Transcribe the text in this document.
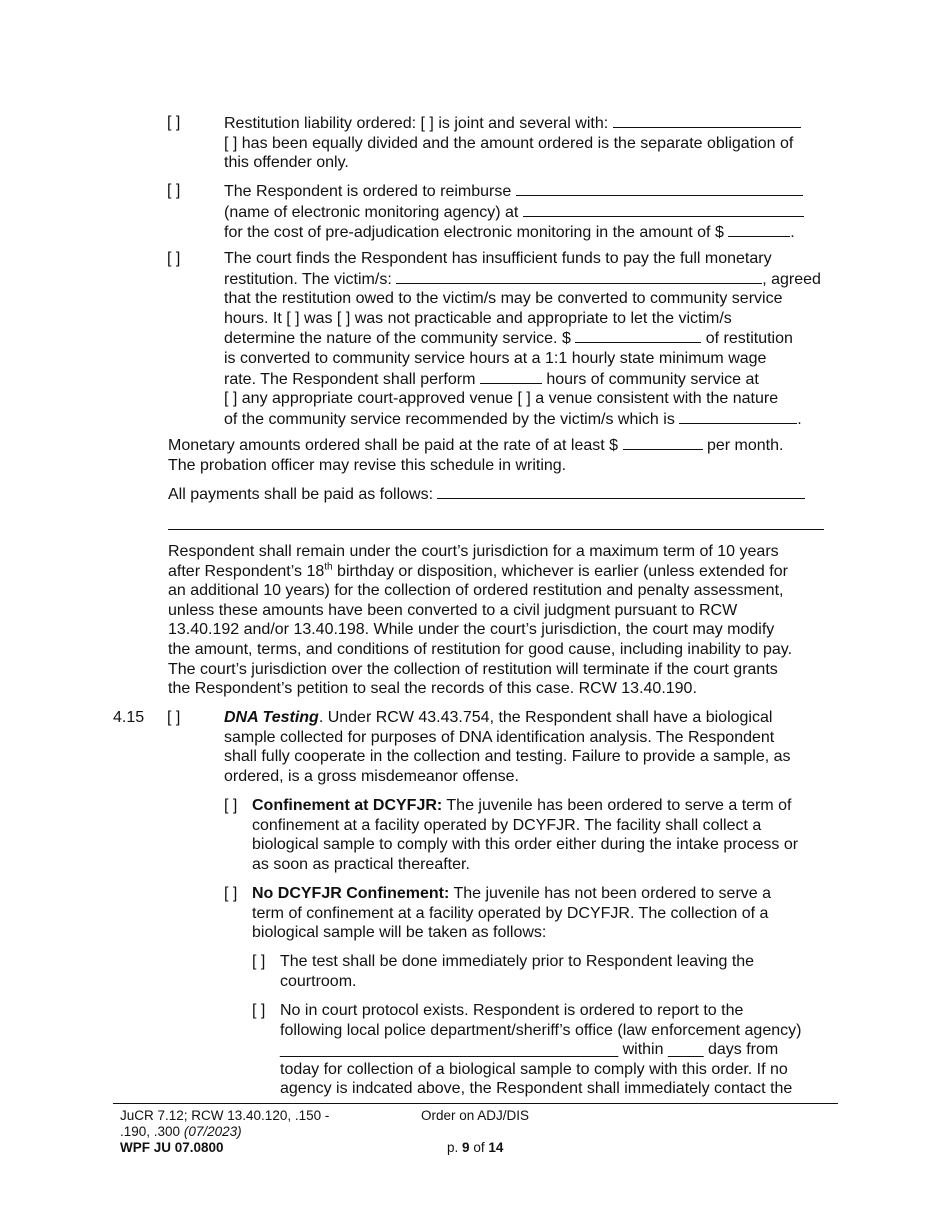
[ ]	Restitution liability ordered: [ ] is joint and several with:

[ ] has been equally divided and the amount ordered is the separate obligation of

this offender only.

[ ]	The Respondent is ordered to reimburse

(name of electronic monitoring agency) at

for the cost of pre-adjudication electronic monitoring in the amount of $	.

[ ]	The court finds the Respondent has insufficient funds to pay the full monetary

restitution. The victim/s:	, agreed

that the restitution owed to the victim/s may be converted to community service

hours. It [ ] was [ ] was not practicable and appropriate to let the victim/s

determine the nature of the community service. $	of restitution

is converted to community service hours at a 1:1 hourly state minimum wage

rate. The Respondent shall perform	hours of community service at

[ ] any appropriate court-approved venue [ ] a venue consistent with the nature

of the community service recommended by the victim/s which is	.

Monetary amounts ordered shall be paid at the rate of at least $	per month.

The probation officer may revise this schedule in writing.

All payments shall be paid as follows:

Respondent shall remain under the court’s jurisdiction for a maximum term of 10 years

after Respondent’s 18th birthday or disposition, whichever is earlier (unless extended for

an additional 10 years) for the collection of ordered restitution and penalty assessment,

unless these amounts have been converted to a civil judgment pursuant to RCW

13.40.192 and/or 13.40.198. While under the court’s jurisdiction, the court may modify

the amount, terms, and conditions of restitution for good cause, including inability to pay.

The court’s jurisdiction over the collection of restitution will terminate if the court grants

the Respondent’s petition to seal the records of this case. RCW 13.40.190.

4.15 [ ]	DNA Testing. Under RCW 43.43.754, the Respondent shall have a biological

sample collected for purposes of DNA identification analysis. The Respondent

shall fully cooperate in the collection and testing. Failure to provide a sample, as

ordered, is a gross misdemeanor offense.

[ ] Confinement at DCYFJR: The juvenile has been ordered to serve a term of

confinement at a facility operated by DCYFJR. The facility shall collect a

biological sample to comply with this order either during the intake process or

as soon as practical thereafter.

[ ] No DCYFJR Confinement: The juvenile has not been ordered to serve a

term of confinement at a facility operated by DCYFJR. The collection of a

biological sample will be taken as follows:

[ ] The test shall be done immediately prior to Respondent leaving the

courtroom.

[ ] No in court protocol exists. Respondent is ordered to report to the

following local police department/sheriff’s office (law enforcement agency)

______________________________________ within ____ days from

today for collection of a biological sample to comply with this order. If no

agency is indcated above, the Respondent shall immediately contact the

JuCR 7.12; RCW 13.40.120, .150 -
.190, .300 (07/2023)
WPF JU 07.0800
Order on ADJ/DIS
p. 9 of 14
